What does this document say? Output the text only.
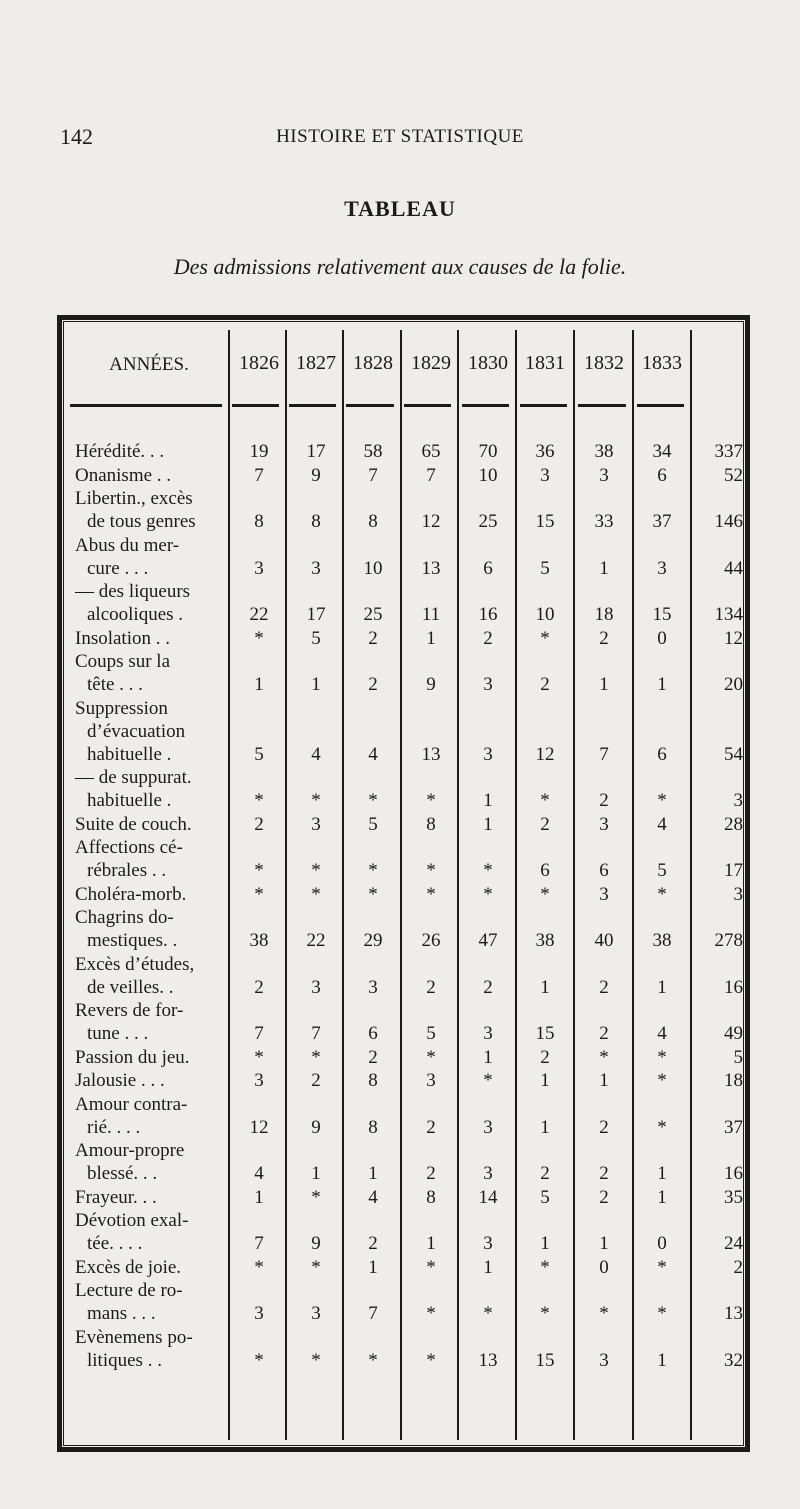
142	HISTOIRE ET STATISTIQUE
TABLEAU
Des admissions relativement aux causes de la folie.
ANNÉES.	1826 1827 1828 1829 1830 1831 1832 1833
Hérédité. . .	19	17	58	65	70	36	38	34	337
Onanisme . .	7	9	7	7	10	3	3	6	52
Libertin., excès
de tous genres	8	8	8	12	25	15	33	37	146
Abus du mer-
cure . . .	3	3	10	13	6	5	1	3	44
— des liqueurs
alcooliques .	22	17	25	11	16	10	18	15	134
Insolation . .	*	5	2	1	2	*	2	0	12
Coups sur la
tête . . .	1	1	2	9	3	2	1	1	20
Suppression
d’évacuation
habituelle .	5	4	4	13	3	12	7	6	54
— de suppurat.
habituelle .	*	*	*	*	1	*	2	*	3
Suite de couch.	2	3	5	8	1	2	3	4	28
Affections cé-
rébrales . .	*	*	*	*	*	6	6	5	17
Choléra-morb.	*	*	*	*	*	*	3	*	3
Chagrins do-
mestiques. .	38	22	29	26	47	38	40	38	278
Excès d’études,
de veilles. .	2	3	3	2	2	1	2	1	16
Revers de for-
tune . . .	7	7	6	5	3	15	2	4	49
Passion du jeu.	*	*	2	*	1	2	*	*	5
Jalousie . . .	3	2	8	3	*	1	1	*	18
Amour contra-
rié. . . .	12	9	8	2	3	1	2	*	37
Amour-propre
blessé. . .	4	1	1	2	3	2	2	1	16
Frayeur. . .	1	*	4	8	14	5	2	1	35
Dévotion exal-
tée. . . .	7	9	2	1	3	1	1	0	24
Excès de joie.	*	*	1	*	1	*	0	*	2
Lecture de ro-
mans . . .	3	3	7	*	*	*	*	*	13
Evènemens po-
litiques . .	*	*	*	*	13	15	3	1	32
